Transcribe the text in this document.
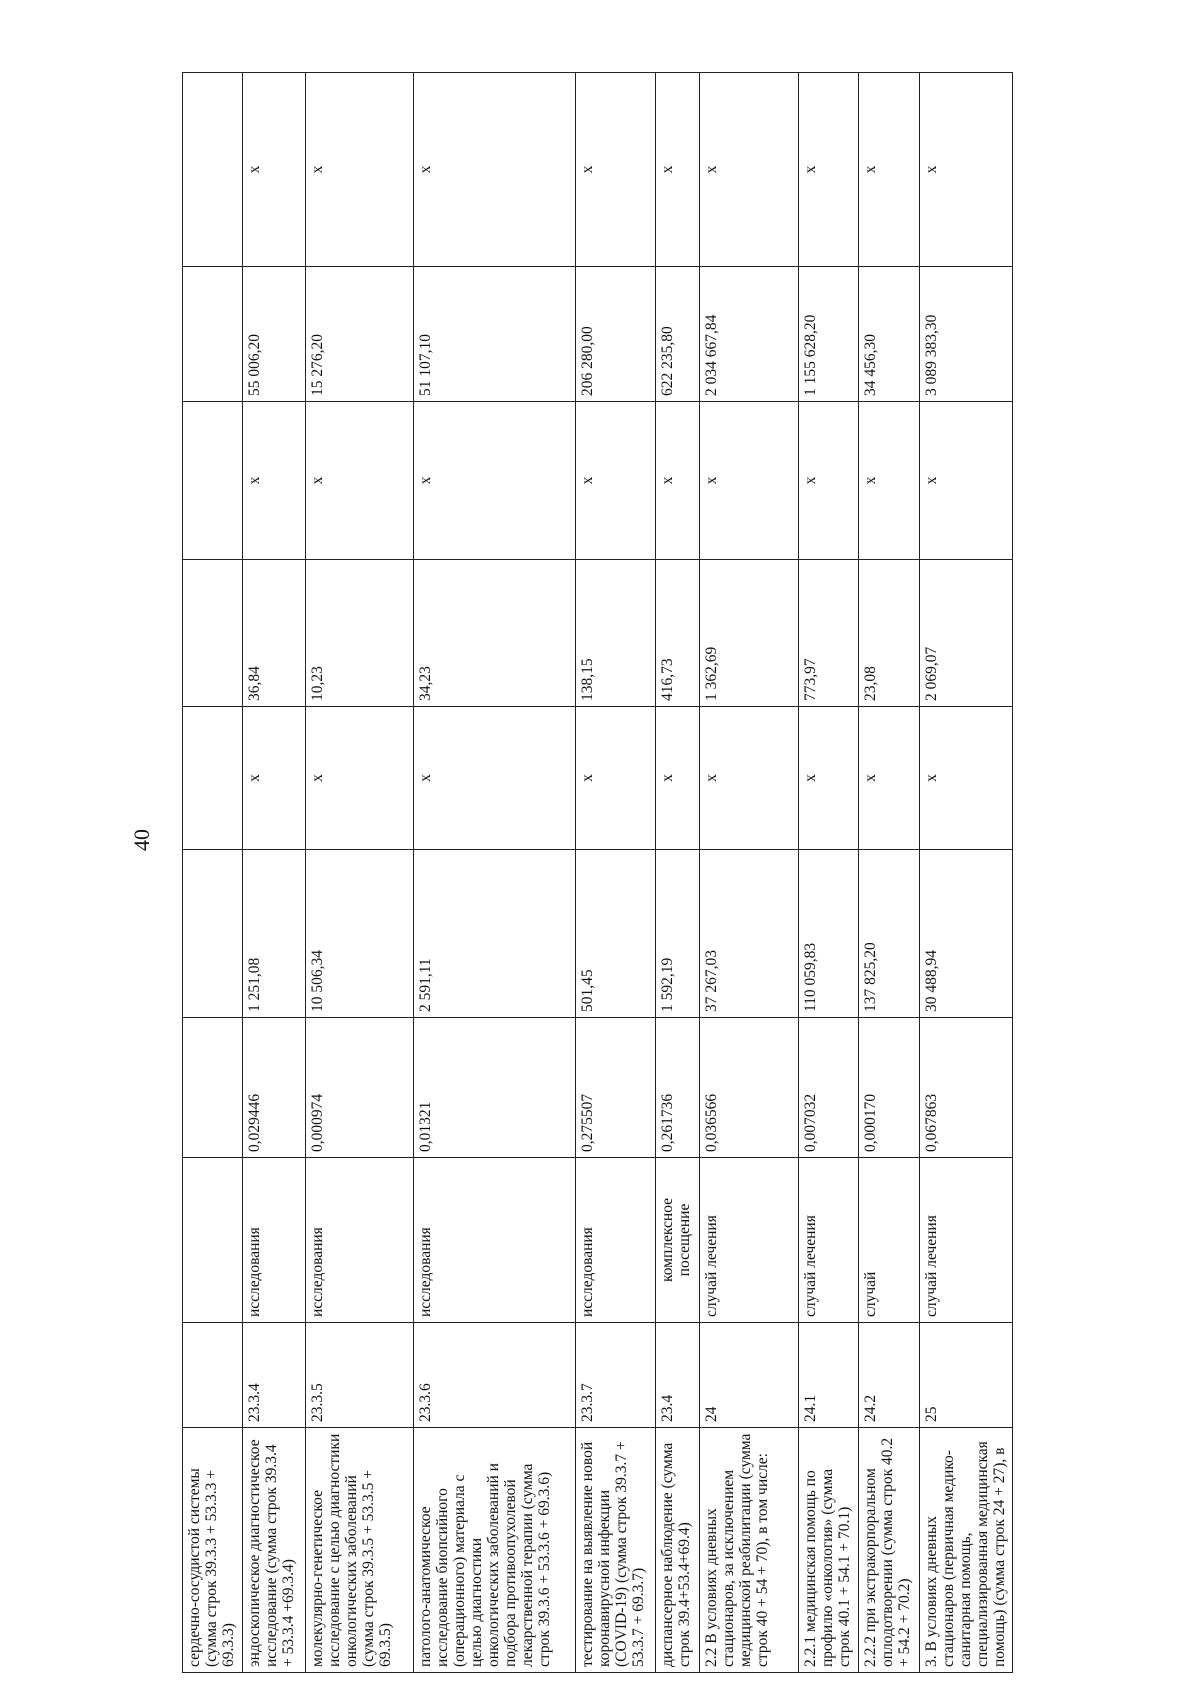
40
сердечно-сосудистой системы (сумма строк 39.3.3 + 53.3.3 + 69.3.3)									
эндоскопическое диагностическое исследование (сумма строк 39.3.4 + 53.3.4 +69.3.4)	23.3.4	исследования	0,029446	1 251,08	х	36,84	х	55 006,20	х
молекулярно-генетическое исследование с целью диагностики онкологических заболеваний (сумма строк 39.3.5 + 53.3.5 + 69.3.5)	23.3.5	исследования	0,000974	10 506,34	х	10,23	х	15 276,20	х
патолого-анатомическое исследование биопсийного (операционного) материала с целью диагностики онкологических заболеваний и подбора противоопухолевой лекарственной терапии (сумма строк 39.3.6 + 53.3.6 + 69.3.6)	23.3.6	исследования	0,01321	2 591,11	х	34,23	х	51 107,10	х
тестирование на выявление новой коронавирусной инфекции (COVID-19) (сумма строк 39.3.7 + 53.3.7 + 69.3.7)	23.3.7	исследования	0,275507	501,45	х	138,15	х	206 280,00	х
диспансерное наблюдение (сумма строк 39.4+53.4+69.4)	23.4	комплексное посещение	0,261736	1 592,19	х	416,73	х	622 235,80	х
2.2 В условиях дневных стационаров, за исключением медицинской реабилитации (сумма строк 40 + 54 + 70), в том числе:	24	случай лечения	0,036566	37 267,03	х	1 362,69	х	2 034 667,84	х
2.2.1 медицинская помощь по профилю «онкология» (сумма строк 40.1 + 54.1 + 70.1)	24.1	случай лечения	0,007032	110 059,83	х	773,97	х	1 155 628,20	х
2.2.2 при экстракорпоральном оплодотворении (сумма строк 40.2 + 54.2 + 70.2)	24.2	случай	0,000170	137 825,20	х	23,08	х	34 456,30	х
3. В условиях дневных стационаров (первичная медико-санитарная помощь, специализированная медицинская помощь) (сумма строк 24 + 27), в	25	случай лечения	0,067863	30 488,94	х	2 069,07	х	3 089 383,30	х
